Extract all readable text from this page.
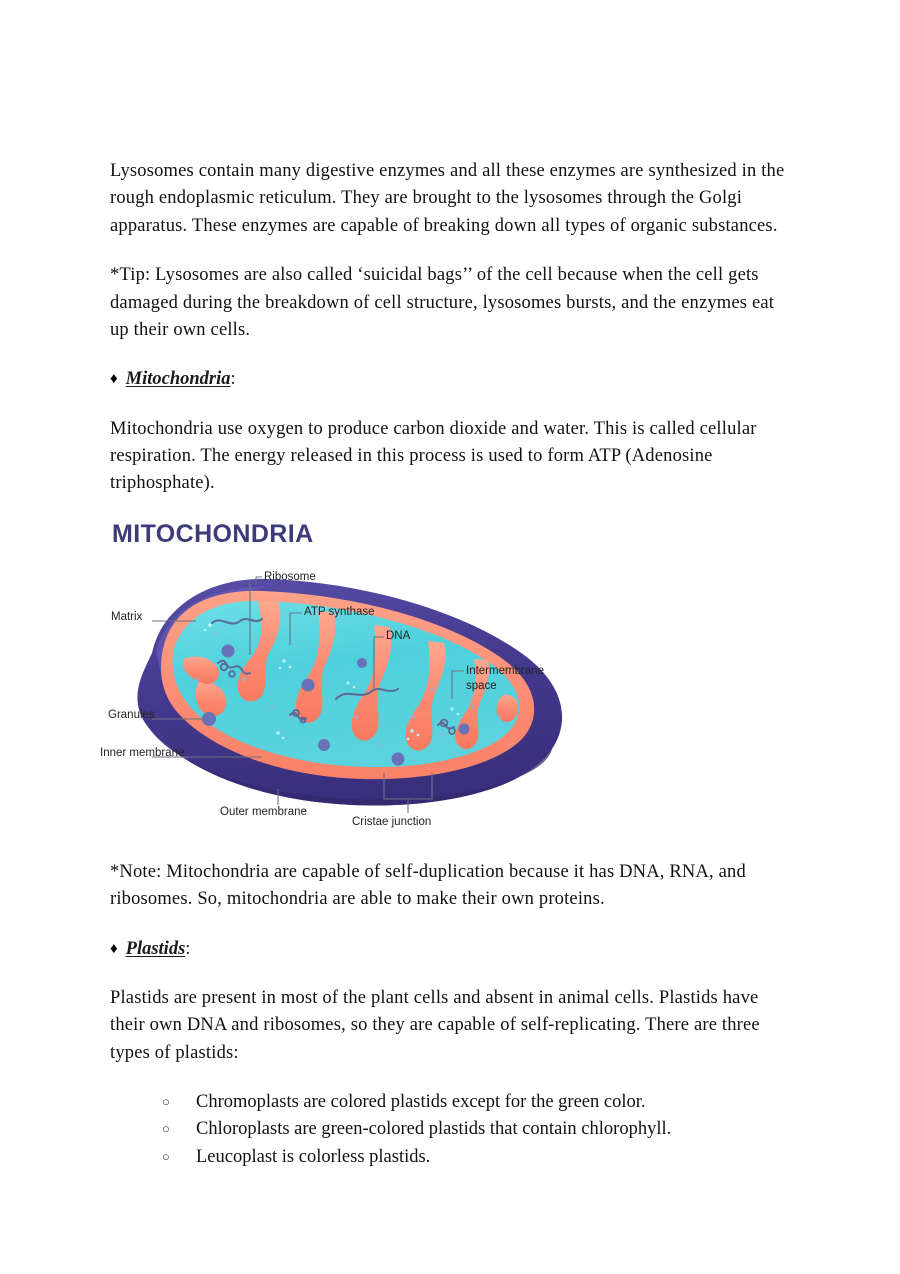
Lysosomes contain many digestive enzymes and all these enzymes are synthesized in the rough endoplasmic reticulum. They are brought to the lysosomes through the Golgi apparatus. These enzymes are capable of breaking down all types of organic substances.

*Tip: Lysosomes are also called ‘suicidal bags’’ of the cell because when the cell gets damaged during the breakdown of cell structure, lysosomes bursts, and the enzymes eat up their own cells.

♦ Mitochondria:

Mitochondria use oxygen to produce carbon dioxide and water. This is called cellular respiration. The energy released in this process is used to form ATP (Adenosine triphosphate).

MITOCHONDRIA
Matrix
Ribosome
ATP synthase
DNA
Intermembrane
space
Granules
Inner membrane
Outer membrane
Cristae junction

*Note: Mitochondria are capable of self-duplication because it has DNA, RNA, and ribosomes. So, mitochondria are able to make their own proteins.

♦ Plastids:

Plastids are present in most of the plant cells and absent in animal cells. Plastids have their own DNA and ribosomes, so they are capable of self-replicating. There are three types of plastids:

○ Chromoplasts are colored plastids except for the green color.
○ Chloroplasts are green-colored plastids that contain chlorophyll.
○ Leucoplast is colorless plastids.
